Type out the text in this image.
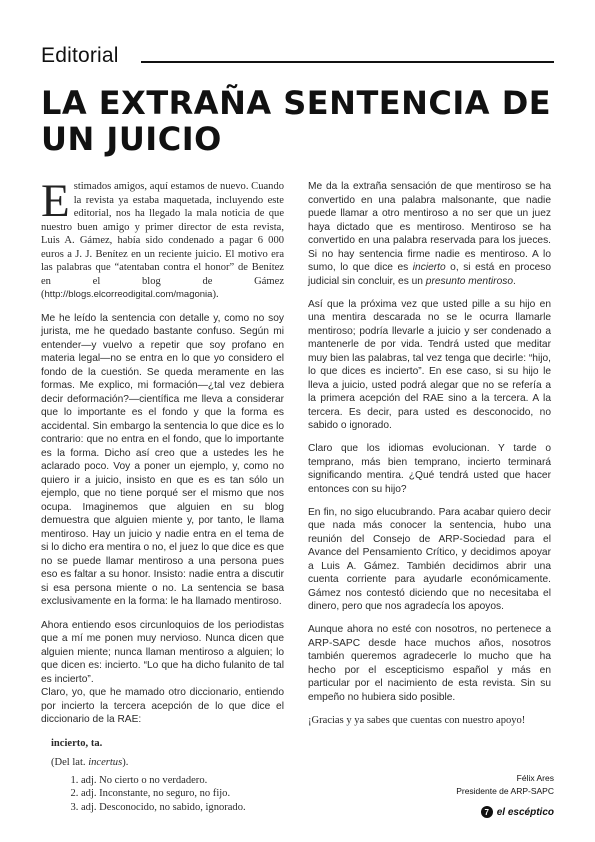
Editorial
LA EXTRAÑA SENTENCIA DE UN JUICIO

Estimados amigos, aquí estamos de nuevo. Cuando la revista ya estaba maquetada, incluyendo este editorial, nos ha llegado la mala noticia de que nuestro buen amigo y primer director de esta revista, Luis A. Gámez, había sido condenado a pagar 6 000 euros a J. J. Benítez en un reciente juicio. El motivo era las palabras que “atentaban contra el honor” de Benítez en el blog de Gámez (http://blogs.elcorreodigital.com/magonia).

Me he leído la sentencia con detalle y, como no soy jurista, me he quedado bastante confuso. Según mi entender—y vuelvo a repetir que soy profano en materia legal—no se entra en lo que yo considero el fondo de la cuestión. Se queda meramente en las formas. Me explico, mi formación—¿tal vez debiera decir deformación?—científica me lleva a considerar que lo importante es el fondo y que la forma es accidental. Sin embargo la sentencia lo que dice es lo contrario: que no entra en el fondo, que lo importante es la forma. Dicho así creo que a ustedes les he aclarado poco. Voy a poner un ejemplo, y, como no quiero ir a juicio, insisto en que es es tan sólo un ejemplo, que no tiene porqué ser el mismo que nos ocupa. Imaginemos que alguien en su blog demuestra que alguien miente y, por tanto, le llama mentiroso. Hay un juicio y nadie entra en el tema de si lo dicho era mentira o no, el juez lo que dice es que no se puede llamar mentiroso a una persona pues eso es faltar a su honor. Insisto: nadie entra a discutir si esa persona miente o no. La sentencia se basa exclusivamente en la forma: le ha llamado mentiroso.

Ahora entiendo esos circunloquios de los periodistas que a mí me ponen muy nervioso. Nunca dicen que alguien miente; nunca llaman mentiroso a alguien; lo que dicen es: incierto. “Lo que ha dicho fulanito de tal es incierto”.

Claro, yo, que he mamado otro diccionario, entiendo por incierto la tercera acepción de lo que dice el diccionario de la RAE:

incierto, ta.

(Del lat. incertus).

1. adj. No cierto o no verdadero.
2. adj. Inconstante, no seguro, no fijo.
3. adj. Desconocido, no sabido, ignorado.

Me da la extraña sensación de que mentiroso se ha convertido en una palabra malsonante, que nadie puede llamar a otro mentiroso a no ser que un juez haya dictado que es mentiroso. Mentiroso se ha convertido en una palabra reservada para los jueces. Si no hay sentencia firme nadie es mentiroso. A lo sumo, lo que dice es incierto o, si está en proceso judicial sin concluir, es un presunto mentiroso.

Así que la próxima vez que usted pille a su hijo en una mentira descarada no se le ocurra llamarle mentiroso; podría llevarle a juicio y ser condenado a mantenerle de por vida. Tendrá usted que meditar muy bien las palabras, tal vez tenga que decirle: “hijo, lo que dices es incierto”. En ese caso, si su hijo le lleva a juicio, usted podrá alegar que no se refería a la primera acepción del RAE sino a la tercera. A la tercera. Es decir, para usted es desconocido, no sabido o ignorado.

Claro que los idiomas evolucionan. Y tarde o temprano, más bien temprano, incierto terminará significando mentira. ¿Qué tendrá usted que hacer entonces con su hijo?

En fin, no sigo elucubrando. Para acabar quiero decir que nada más conocer la sentencia, hubo una reunión del Consejo de ARP-Sociedad para el Avance del Pensamiento Crítico, y decidimos apoyar a Luis A. Gámez. También decidimos abrir una cuenta corriente para ayudarle económicamente. Gámez nos contestó diciendo que no necesitaba el dinero, pero que nos agradecía los apoyos.

Aunque ahora no esté con nosotros, no pertenece a ARP-SAPC desde hace muchos años, nosotros también queremos agradecerle lo mucho que ha hecho por el escepticismo español y más en particular por el nacimiento de esta revista. Sin su empeño no hubiera sido posible.

¡Gracias y ya sabes que cuentas con nuestro apoyo!

Félix Ares
Presidente de ARP-SAPC
7 el escéptico
